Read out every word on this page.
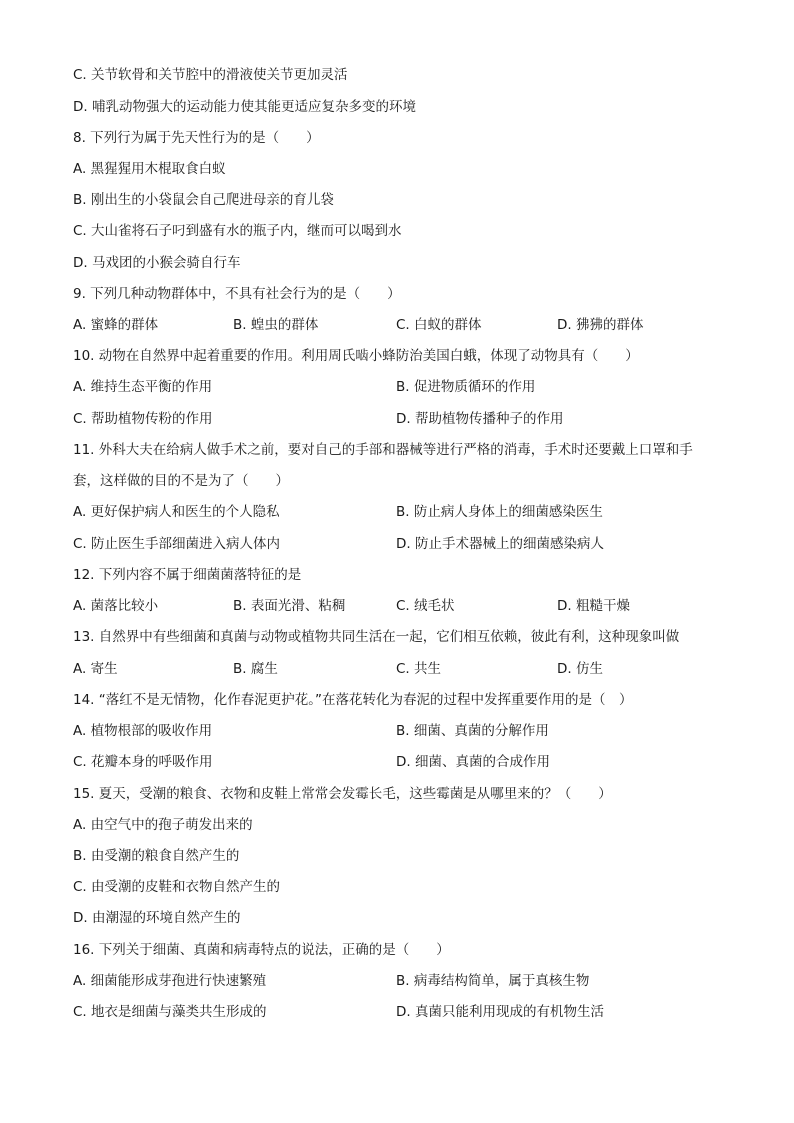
C. 关节软骨和关节腔中的滑液使关节更加灵活
D. 哺乳动物强大的运动能力使其能更适应复杂多变的环境
8. 下列行为属于先天性行为的是（　　）
A. 黑猩猩用木棍取食白蚁
B. 刚出生的小袋鼠会自己爬进母亲的育儿袋
C. 大山雀将石子叼到盛有水的瓶子内，继而可以喝到水
D. 马戏团的小猴会骑自行车
9. 下列几种动物群体中，不具有社会行为的是（　　）
A. 蜜蜂的群体	B. 蝗虫的群体	C. 白蚁的群体	D. 狒狒的群体
10. 动物在自然界中起着重要的作用。利用周氏啮小蜂防治美国白蛾，体现了动物具有（　　）
A. 维持生态平衡的作用	B. 促进物质循环的作用
C. 帮助植物传粉的作用	D. 帮助植物传播种子的作用
11. 外科大夫在给病人做手术之前，要对自己的手部和器械等进行严格的消毒，手术时还要戴上口罩和手
套，这样做的目的不是为了（　　）
A. 更好保护病人和医生的个人隐私	B. 防止病人身体上的细菌感染医生
C. 防止医生手部细菌进入病人体内	D. 防止手术器械上的细菌感染病人
12. 下列内容不属于细菌菌落特征的是
A. 菌落比较小	B. 表面光滑、粘稠	C. 绒毛状	D. 粗糙干燥
13. 自然界中有些细菌和真菌与动物或植物共同生活在一起，它们相互依赖，彼此有利，这种现象叫做
A. 寄生	B. 腐生	C. 共生	D. 仿生
14. “落红不是无情物，化作春泥更护花。”在落花转化为春泥的过程中发挥重要作用的是（　）
A. 植物根部的吸收作用	B. 细菌、真菌的分解作用
C. 花瓣本身的呼吸作用	D. 细菌、真菌的合成作用
15. 夏天，受潮的粮食、衣物和皮鞋上常常会发霉长毛，这些霉菌是从哪里来的？（　　）
A. 由空气中的孢子萌发出来的
B. 由受潮的粮食自然产生的
C. 由受潮的皮鞋和衣物自然产生的
D. 由潮湿的环境自然产生的
16. 下列关于细菌、真菌和病毒特点的说法，正确的是（　　）
A. 细菌能形成芽孢进行快速繁殖	B. 病毒结构简单，属于真核生物
C. 地衣是细菌与藻类共生形成的	D. 真菌只能利用现成的有机物生活
